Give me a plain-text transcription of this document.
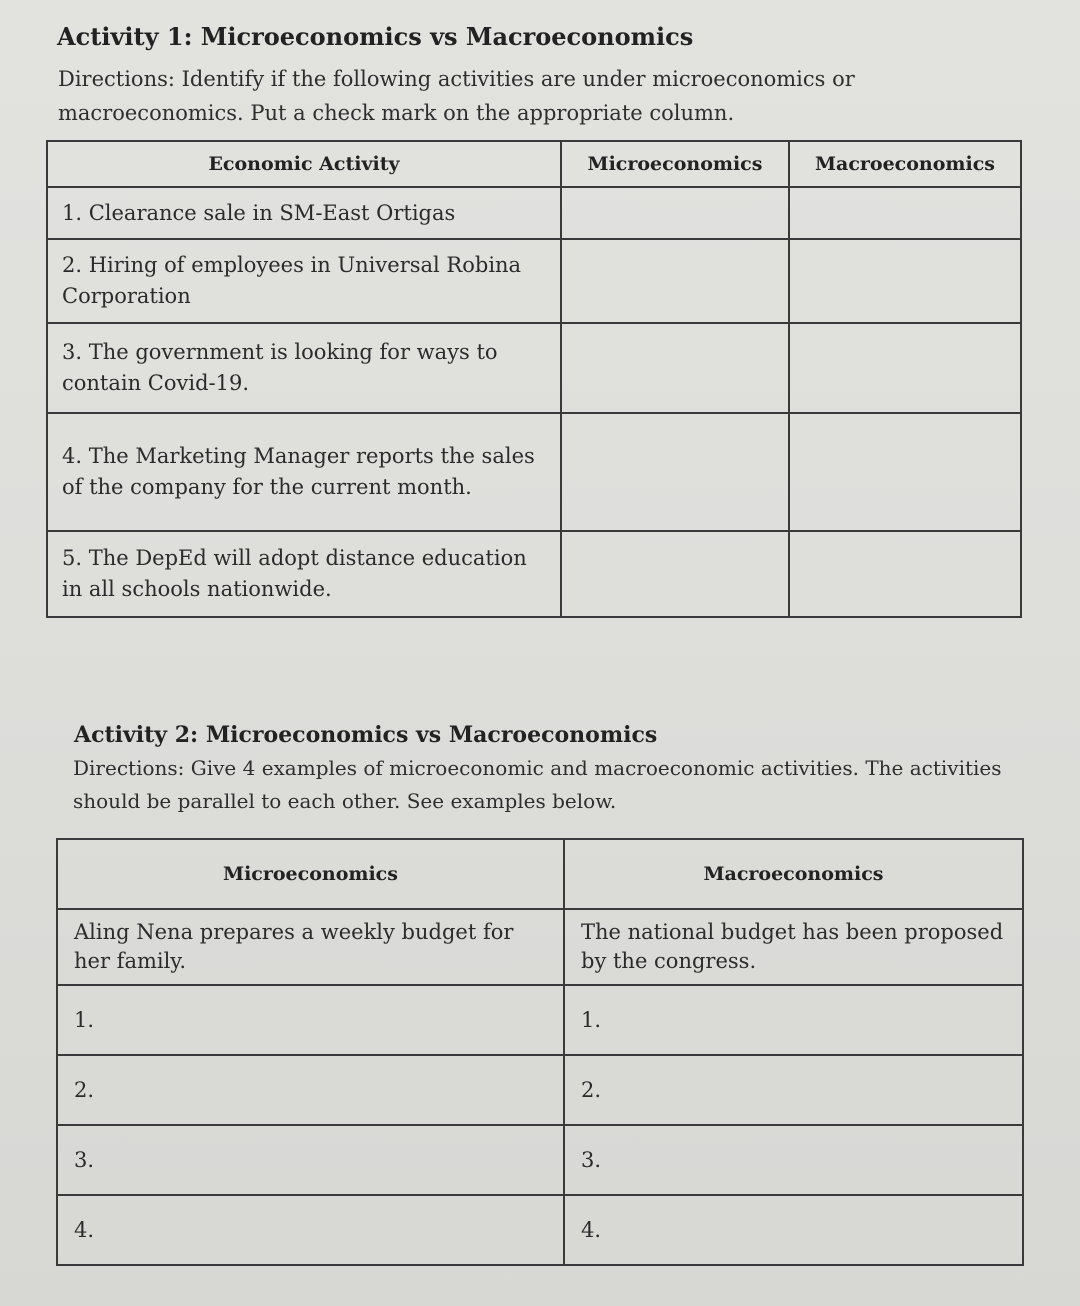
Activity 1: Microeconomics vs Macroeconomics

Directions: Identify if the following activities are under microeconomics or macroeconomics. Put a check mark on the appropriate column.

Economic Activity	Microeconomics	Macroeconomics
1. Clearance sale in SM-East Ortigas		
2. Hiring of employees in Universal Robina Corporation		
3. The government is looking for ways to contain Covid-19.		
4. The Marketing Manager reports the sales of the company for the current month.		
5. The DepEd will adopt distance education in all schools nationwide.		
Activity 2: Microeconomics vs Macroeconomics

Directions: Give 4 examples of microeconomic and macroeconomic activities. The activities should be parallel to each other. See examples below.

Microeconomics	Macroeconomics
Aling Nena prepares a weekly budget for her family.	The national budget has been proposed by the congress.
1.	1.
2.	2.
3.	3.
4.	4.
